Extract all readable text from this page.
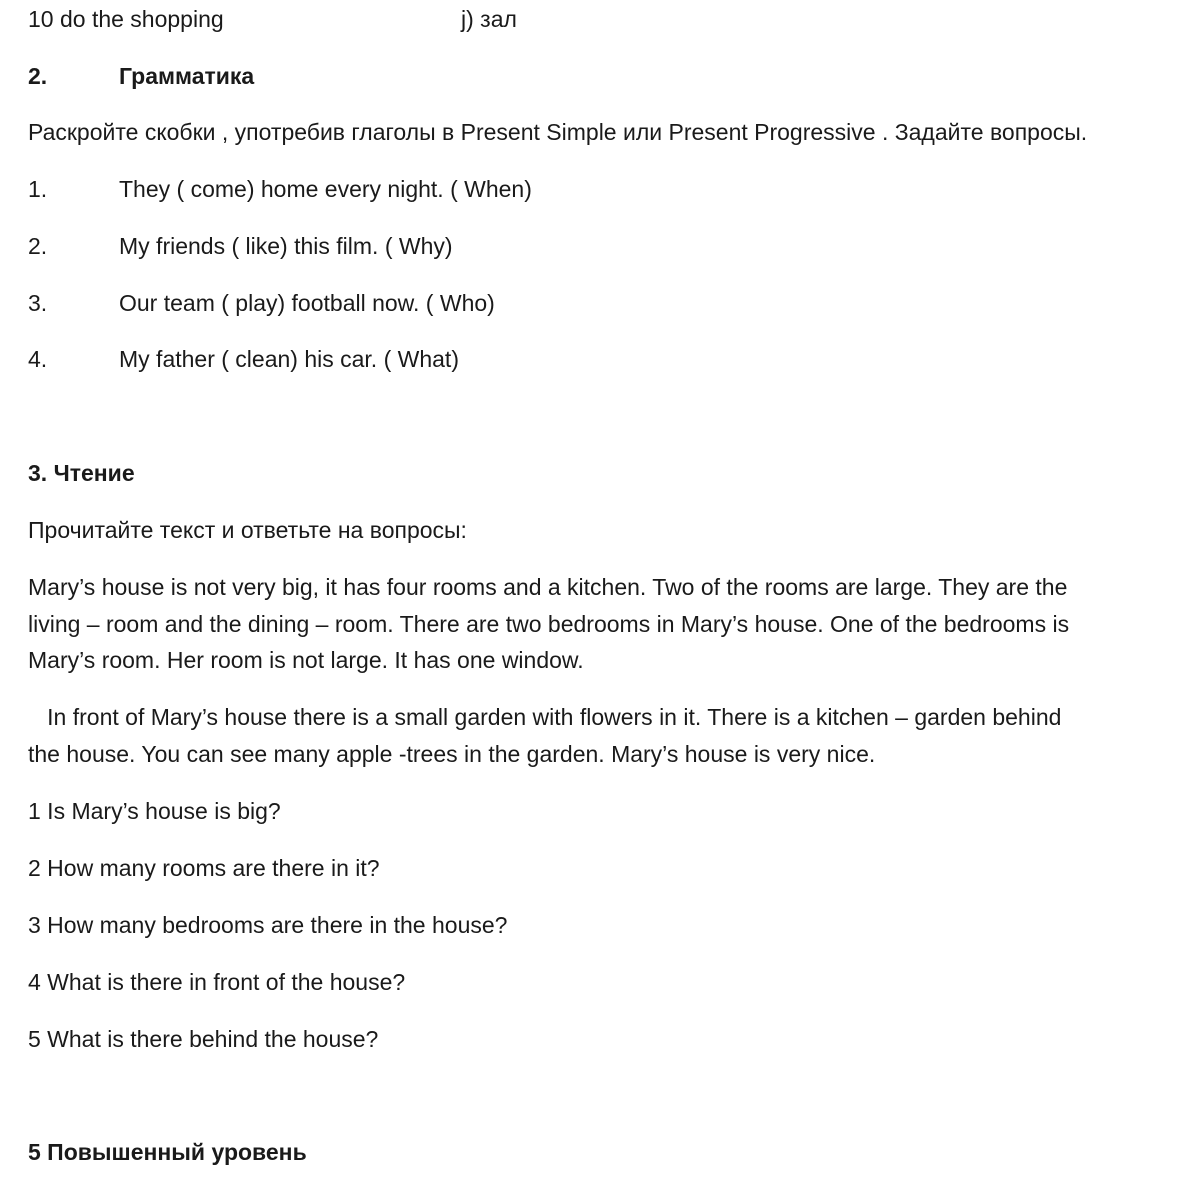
10 do the shopping	j) зал
2.	Грамматика
Раскройте скобки , употребив глаголы в Present Simple или Present Progressive . Задайте вопросы.
1.	They ( come) home every night. ( When)
2.	My friends ( like) this film. ( Why)
3.	Our team ( play) football now. ( Who)
4.	My father ( clean) his car. ( What)
3. Чтение
Прочитайте текст и ответьте на вопросы:
Mary’s house is not very big, it has four rooms and a kitchen. Two of the rooms are large. They are the
living – room and the dining – room. There are two bedrooms in Mary’s house. One of the bedrooms is
Mary’s room. Her room is not large. It has one window.
In front of Mary’s house there is a small garden with flowers in it. There is a kitchen – garden behind
the house. You can see many apple -trees in the garden. Mary’s house is very nice.
1 Is Mary’s house is big?
2 How many rooms are there in it?
3 How many bedrooms are there in the house?
4 What is there in front of the house?
5 What is there behind the house?
5 Повышенный уровень
